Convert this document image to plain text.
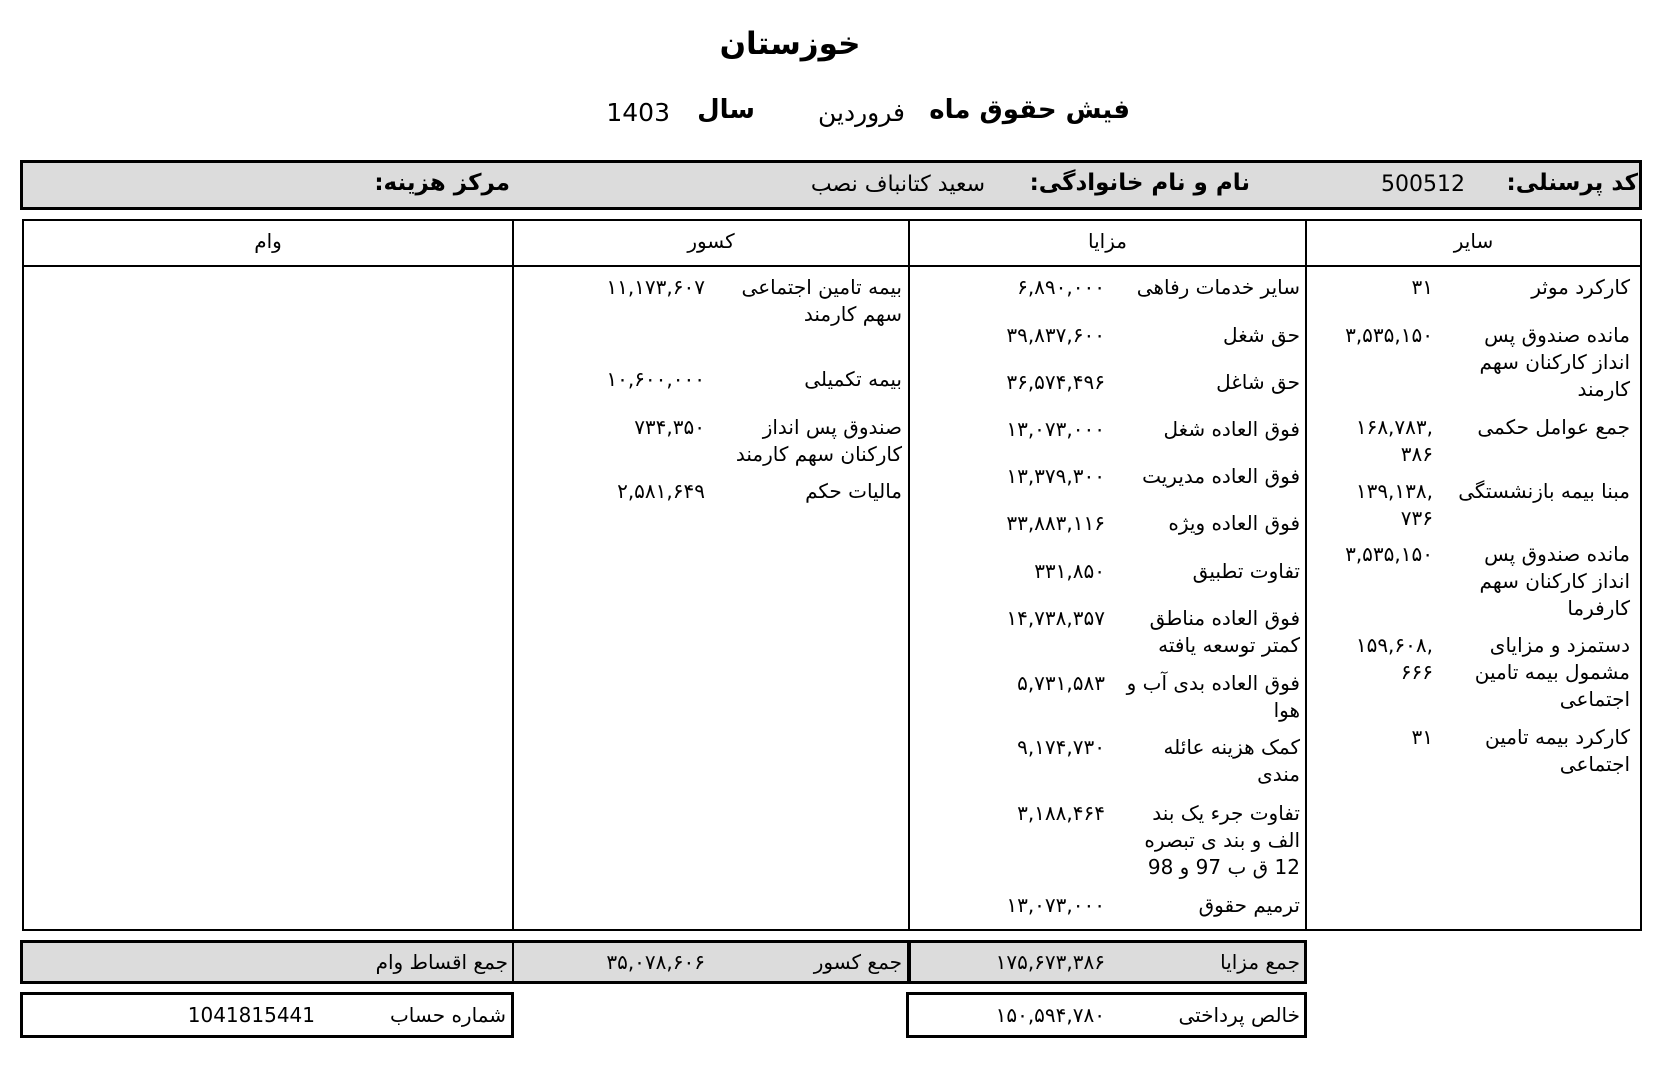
خوزستان
فیش حقوق ماه
فروردین
سال
1403
کد پرسنلی:
500512
نام و نام خانوادگی:
سعید کتانباف نصب
مرکز هزینه:
سایر
مزایا
کسور
وام
کارکرد موثر
۳۱
مانده صندوق پس انداز کارکنان سهم کارمند
۳,۵۳۵,۱۵۰
جمع عوامل حکمی
۱۶۸,۷۸۳,
۳۸۶
مبنا بیمه بازنشستگی
۱۳۹,۱۳۸,
۷۳۶
مانده صندوق پس انداز کارکنان سهم کارفرما
۳,۵۳۵,۱۵۰
دستمزد و مزایای مشمول بیمه تامین اجتماعی
۱۵۹,۶۰۸,
۶۶۶
کارکرد بیمه تامین اجتماعی
۳۱
سایر خدمات رفاهی
۶,۸۹۰,۰۰۰
حق شغل
۳۹,۸۳۷,۶۰۰
حق شاغل
۳۶,۵۷۴,۴۹۶
فوق العاده شغل
۱۳,۰۷۳,۰۰۰
فوق العاده مدیریت
۱۳,۳۷۹,۳۰۰
فوق العاده ویژه
۳۳,۸۸۳,۱۱۶
تفاوت تطبیق
۳۳۱,۸۵۰
فوق العاده مناطق کمتر توسعه یافته
۱۴,۷۳۸,۳۵۷
فوق العاده بدی آب و هوا
۵,۷۳۱,۵۸۳
کمک هزینه عائله مندی
۹,۱۷۴,۷۳۰
تفاوت جرء یک بند الف و بند ی تبصره 12 ق ب 97 و 98
۳,۱۸۸,۴۶۴
ترمیم حقوق
۱۳,۰۷۳,۰۰۰
بیمه تامین اجتماعی سهم کارمند
۱۱,۱۷۳,۶۰۷
بیمه تکمیلی
۱۰,۶۰۰,۰۰۰
صندوق پس انداز کارکنان سهم کارمند
۷۳۴,۳۵۰
مالیات حکم
۲,۵۸۱,۶۴۹
جمع مزایا
۱۷۵,۶۷۳,۳۸۶
جمع کسور
۳۵,۰۷۸,۶۰۶
جمع اقساط وام
خالص پرداختی
۱۵۰,۵۹۴,۷۸۰
شماره حساب
1041815441
